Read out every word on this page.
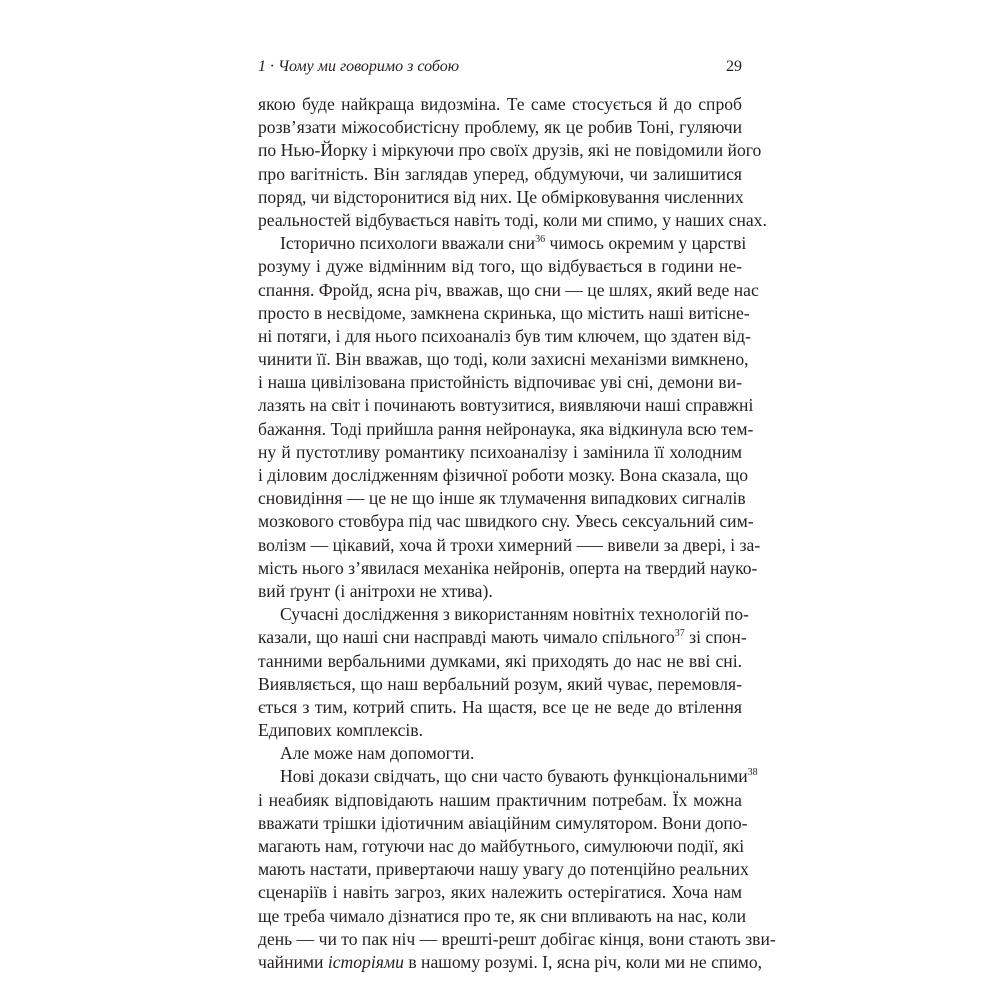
1 · Чому ми говоримо з собою	29
якою буде найкраща видозміна. Те саме стосується й до спроб
розв’язати міжособистісну проблему, як це робив Тоні, гуляючи
по Нью-Йорку і міркуючи про своїх друзів, які не повідомили його
про вагітність. Він заглядав уперед, обдумуючи, чи залишитися
поряд, чи відсторонитися від них. Це обмірковування численних
реальностей відбувається навіть тоді, коли ми спимо, у наших снах.
Історично психологи вважали сни$^{36}$ чимось окремим у царстві
розуму і дуже відмінним від того, що відбувається в години не-
спання. Фройд, ясна річ, вважав, що сни — це шлях, який веде нас
просто в несвідоме, замкнена скринька, що містить наші витісне-
ні потяги, і для нього психоаналіз був тим ключем, що здатен від-
чинити її. Він вважав, що тоді, коли захисні механізми вимкнено,
і наша цивілізована пристойність відпочиває уві сні, демони ви-
лазять на світ і починають вовтузитися, виявляючи наші справжні
бажання. Тоді прийшла рання нейронаука, яка відкинула всю тем-
ну й пустотливу романтику психоаналізу і замінила її холодним
і діловим дослідженням фізичної роботи мозку. Вона сказала, що
сновидіння — це не що інше як тлумачення випадкових сигналів
мозкового стовбура під час швидкого сну. Увесь сексуальний сим-
волізм — цікавий, хоча й трохи химерний —– вивели за двері, і за-
мість нього з’явилася механіка нейронів, оперта на твердий науко-
вий ґрунт (і анітрохи не хтива).
Сучасні дослідження з використанням новітніх технологій по-
казали, що наші сни насправді мають чимало спільного$^{37}$ зі спон-
танними вербальними думками, які приходять до нас не вві сні.
Виявляється, що наш вербальний розум, який чуває, перемовля-
ється з тим, котрий спить. На щастя, все це не веде до втілення
Едипових комплексів.
Але може нам допомогти.
Нові докази свідчать, що сни часто бувають функціональними$^{38}$
і неабияк відповідають нашим практичним потребам. Їх можна
вважати трішки ідіотичним авіаційним симулятором. Вони допо-
магають нам, готуючи нас до майбутнього, симулюючи події, які
мають настати, привертаючи нашу увагу до потенційно реальних
сценаріїв і навіть загроз, яких належить остерігатися. Хоча нам
ще треба чимало дізнатися про те, як сни впливають на нас, коли
день — чи то пак ніч — врешті-решт добігає кінця, вони стають зви-
чайними історіями в нашому розумі. І, ясна річ, коли ми не спимо,
